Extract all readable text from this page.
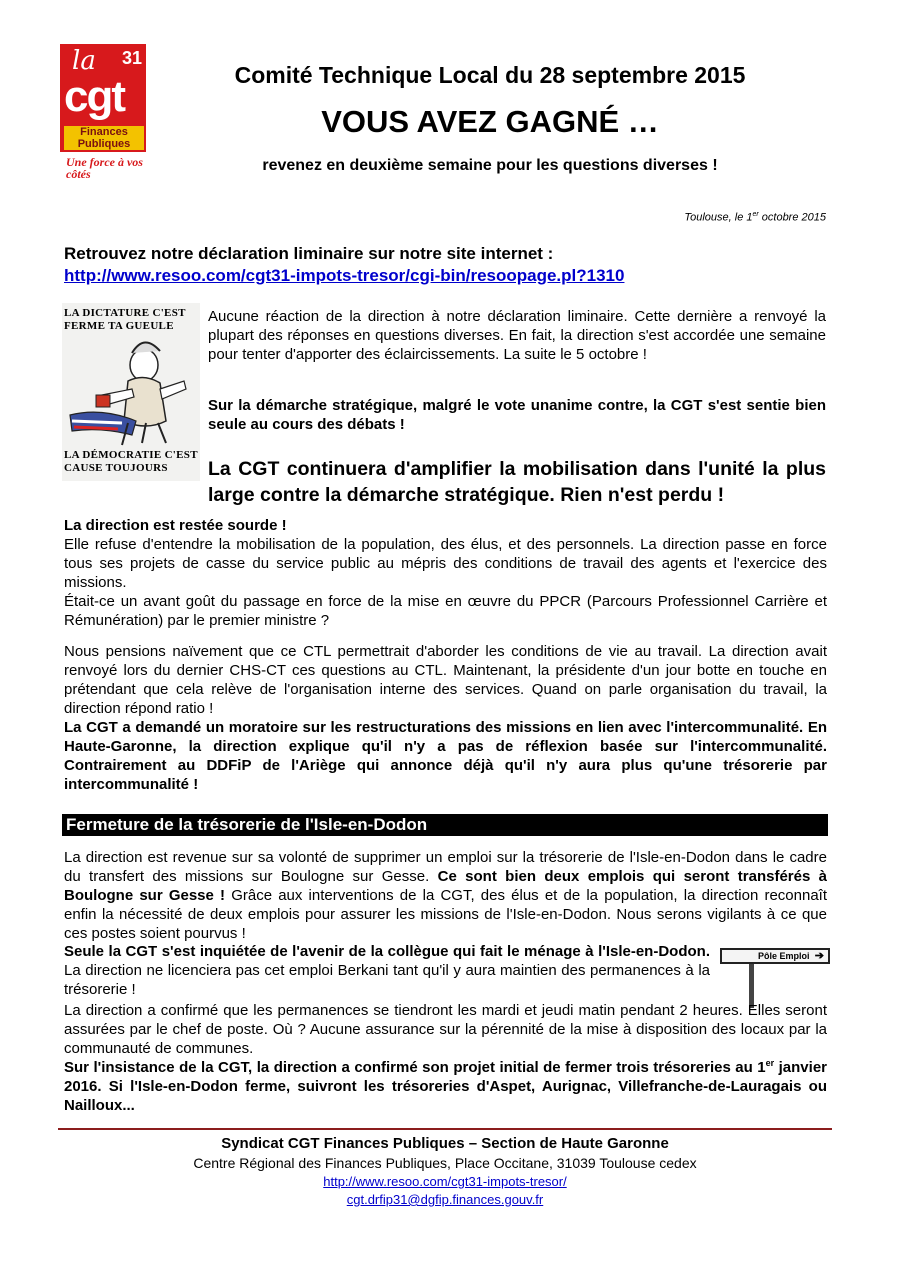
la 31
cgt
Finances Publiques
Une force à vos côtés
Comité Technique Local du 28 septembre 2015
VOUS AVEZ GAGNÉ …
revenez en deuxième semaine pour les questions diverses !
Toulouse, le 1er octobre 2015
Retrouvez notre déclaration liminaire sur notre site internet :
http://www.resoo.com/cgt31-impots-tresor/cgi-bin/resoopage.pl?1310
LA DICTATURE C'EST FERME TA GUEULE
LA DÉMOCRATIE C'EST CAUSE TOUJOURS

Aucune réaction de la direction à notre déclaration liminaire. Cette dernière a renvoyé la plupart des réponses en questions diverses. En fait, la direction s'est accordée une semaine pour tenter d'apporter des éclaircissements. La suite le 5 octobre !

Sur la démarche stratégique, malgré le vote unanime contre, la CGT s'est sentie bien seule au cours des débats !

La CGT continuera d'amplifier la mobilisation dans l'unité la plus large contre la démarche stratégique. Rien n'est perdu !

La direction est restée sourde !
Elle refuse d'entendre la mobilisation de la population, des élus, et des personnels. La direction passe en force tous ses projets de casse du service public au mépris des conditions de travail des agents et l'exercice des missions.
Était-ce un avant goût du passage en force de la mise en œuvre du PPCR (Parcours Professionnel Carrière et Rémunération) par le premier ministre ?
Nous pensions naïvement que ce CTL permettrait d'aborder les conditions de vie au travail. La direction avait renvoyé lors du dernier CHS-CT ces questions au CTL. Maintenant, la présidente d'un jour botte en touche en prétendant que cela relève de l'organisation interne des services. Quand on parle organisation du travail, la direction répond ratio !
La CGT a demandé un moratoire sur les restructurations des missions en lien avec l'intercommunalité. En Haute-Garonne, la direction explique qu'il n'y a pas de réflexion basée sur l'intercommunalité. Contrairement au DDFiP de l'Ariège qui annonce déjà qu'il n'y aura plus qu'une trésorerie par intercommunalité !
Fermeture de la trésorerie de l'Isle-en-Dodon

La direction est revenue sur sa volonté de supprimer un emploi sur la trésorerie de l'Isle-en-Dodon dans le cadre du transfert des missions sur Boulogne sur Gesse. Ce sont bien deux emplois qui seront transférés à Boulogne sur Gesse ! Grâce aux interventions de la CGT, des élus et de la population, la direction reconnaît enfin la nécessité de deux emplois pour assurer les missions de l'Isle-en-Dodon. Nous serons vigilants à ce que ces postes soient pourvus !

Seule la CGT s'est inquiétée de l'avenir de la collègue qui fait le ménage à l'Isle-en-Dodon. La direction ne licenciera pas cet emploi Berkani tant qu'il y aura maintien des permanences à la trésorerie !

Pôle Emploi ➔

La direction a confirmé que les permanences se tiendront les mardi et jeudi matin pendant 2 heures. Elles seront assurées par le chef de poste. Où ? Aucune assurance sur la pérennité de la mise à disposition des locaux par la communauté de communes.

Sur l'insistance de la CGT, la direction a confirmé son projet initial de fermer trois trésoreries au 1er janvier 2016. Si l'Isle-en-Dodon ferme, suivront les trésoreries d'Aspet, Aurignac, Villefranche-de-Lauragais ou Nailloux...

Syndicat CGT Finances Publiques – Section de Haute Garonne
Centre Régional des Finances Publiques, Place Occitane, 31039 Toulouse cedex
http://www.resoo.com/cgt31-impots-tresor/
cgt.drfip31@dgfip.finances.gouv.fr
